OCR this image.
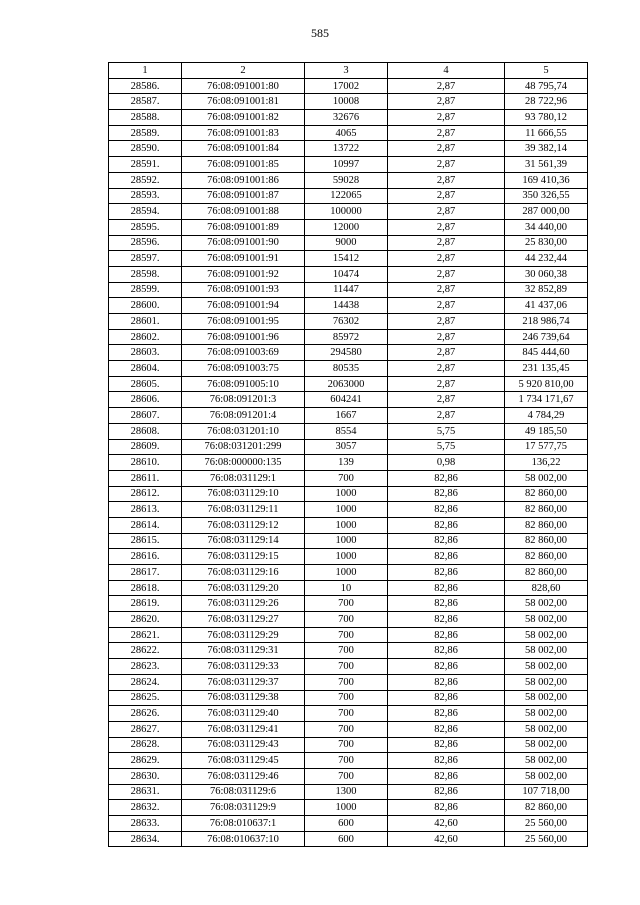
585
1	2	3	4	5
28586.	76:08:091001:80	17002	2,87	48 795,74
28587.	76:08:091001:81	10008	2,87	28 722,96
28588.	76:08:091001:82	32676	2,87	93 780,12
28589.	76:08:091001:83	4065	2,87	11 666,55
28590.	76:08:091001:84	13722	2,87	39 382,14
28591.	76:08:091001:85	10997	2,87	31 561,39
28592.	76:08:091001:86	59028	2,87	169 410,36
28593.	76:08:091001:87	122065	2,87	350 326,55
28594.	76:08:091001:88	100000	2,87	287 000,00
28595.	76:08:091001:89	12000	2,87	34 440,00
28596.	76:08:091001:90	9000	2,87	25 830,00
28597.	76:08:091001:91	15412	2,87	44 232,44
28598.	76:08:091001:92	10474	2,87	30 060,38
28599.	76:08:091001:93	11447	2,87	32 852,89
28600.	76:08:091001:94	14438	2,87	41 437,06
28601.	76:08:091001:95	76302	2,87	218 986,74
28602.	76:08:091001:96	85972	2,87	246 739,64
28603.	76:08:091003:69	294580	2,87	845 444,60
28604.	76:08:091003:75	80535	2,87	231 135,45
28605.	76:08:091005:10	2063000	2,87	5 920 810,00
28606.	76:08:091201:3	604241	2,87	1 734 171,67
28607.	76:08:091201:4	1667	2,87	4 784,29
28608.	76:08:031201:10	8554	5,75	49 185,50
28609.	76:08:031201:299	3057	5,75	17 577,75
28610.	76:08:000000:135	139	0,98	136,22
28611.	76:08:031129:1	700	82,86	58 002,00
28612.	76:08:031129:10	1000	82,86	82 860,00
28613.	76:08:031129:11	1000	82,86	82 860,00
28614.	76:08:031129:12	1000	82,86	82 860,00
28615.	76:08:031129:14	1000	82,86	82 860,00
28616.	76:08:031129:15	1000	82,86	82 860,00
28617.	76:08:031129:16	1000	82,86	82 860,00
28618.	76:08:031129:20	10	82,86	828,60
28619.	76:08:031129:26	700	82,86	58 002,00
28620.	76:08:031129:27	700	82,86	58 002,00
28621.	76:08:031129:29	700	82,86	58 002,00
28622.	76:08:031129:31	700	82,86	58 002,00
28623.	76:08:031129:33	700	82,86	58 002,00
28624.	76:08:031129:37	700	82,86	58 002,00
28625.	76:08:031129:38	700	82,86	58 002,00
28626.	76:08:031129:40	700	82,86	58 002,00
28627.	76:08:031129:41	700	82,86	58 002,00
28628.	76:08:031129:43	700	82,86	58 002,00
28629.	76:08:031129:45	700	82,86	58 002,00
28630.	76:08:031129:46	700	82,86	58 002,00
28631.	76:08:031129:6	1300	82,86	107 718,00
28632.	76:08:031129:9	1000	82,86	82 860,00
28633.	76:08:010637:1	600	42,60	25 560,00
28634.	76:08:010637:10	600	42,60	25 560,00
